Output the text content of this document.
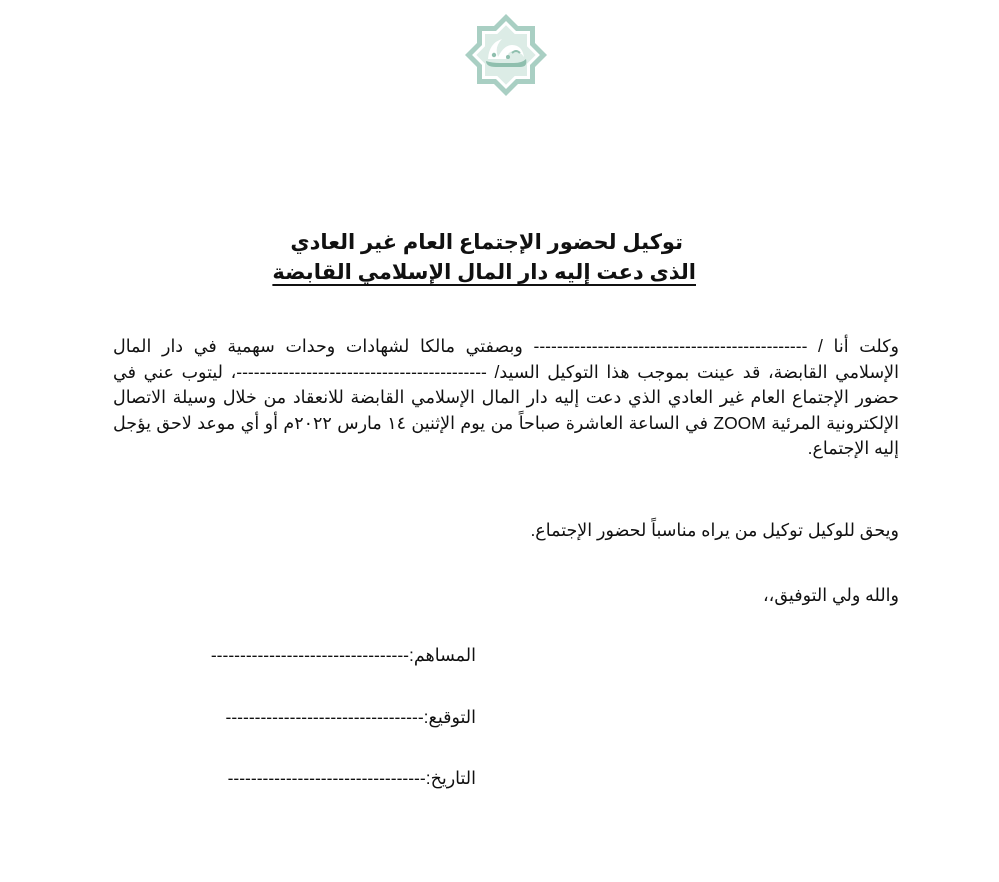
توكيل لحضور الإجتماع العام غير العادي
الذى دعت إليه دار المال الإسلامي القابضة

وكلت أنا / ----------------------------------------------- وبصفتي مالكا لشهادات وحدات سهمية في دار المال الإسلامي القابضة، قد عينت بموجب هذا التوكيل السيد/ -------------------------------------------، ليتوب عني في حضور الإجتماع العام غير العادي الذي دعت إليه دار المال الإسلامي القابضة للانعقاد من خلال وسيلة الاتصال الإلكترونية المرئية ZOOM في الساعة العاشرة صباحاً من يوم الإثنين ١٤ مارس ٢٠٢٢م أو أي موعد لاحق يؤجل إليه الإجتماع.

ويحق للوكيل توكيل من يراه مناسباً لحضور الإجتماع.
والله ولي التوفيق،،
المساهم:----------------------------------
التوقيع:----------------------------------
التاريخ:----------------------------------
